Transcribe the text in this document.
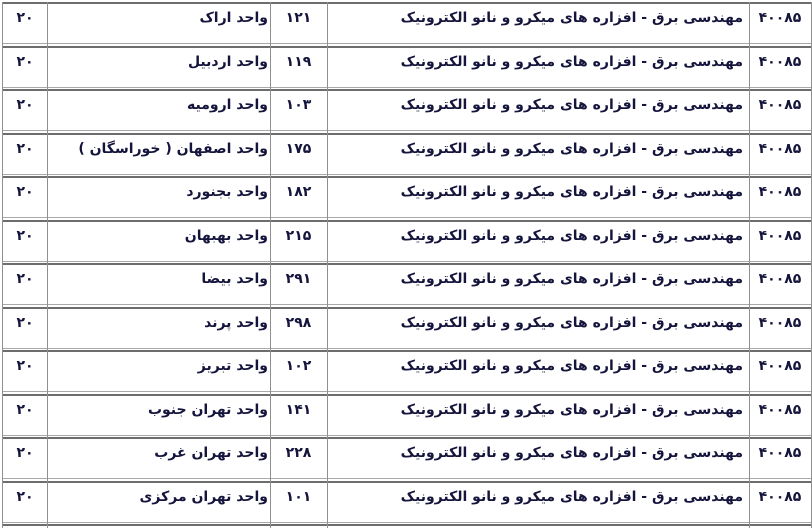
۴۰۰۸۵
مهندسی برق - افزاره های میکرو و نانو الکترونیک
۱۲۱
واحد اراک
۲۰
۴۰۰۸۵
مهندسی برق - افزاره های میکرو و نانو الکترونیک
۱۱۹
واحد اردبیل
۲۰
۴۰۰۸۵
مهندسی برق - افزاره های میکرو و نانو الکترونیک
۱۰۳
واحد ارومیه
۲۰
۴۰۰۸۵
مهندسی برق - افزاره های میکرو و نانو الکترونیک
۱۷۵
واحد اصفهان ( خوراسگان )
۲۰
۴۰۰۸۵
مهندسی برق - افزاره های میکرو و نانو الکترونیک
۱۸۲
واحد بجنورد
۲۰
۴۰۰۸۵
مهندسی برق - افزاره های میکرو و نانو الکترونیک
۲۱۵
واحد بهبهان
۲۰
۴۰۰۸۵
مهندسی برق - افزاره های میکرو و نانو الکترونیک
۲۹۱
واحد بیضا
۲۰
۴۰۰۸۵
مهندسی برق - افزاره های میکرو و نانو الکترونیک
۲۹۸
واحد پرند
۲۰
۴۰۰۸۵
مهندسی برق - افزاره های میکرو و نانو الکترونیک
۱۰۲
واحد تبریز
۲۰
۴۰۰۸۵
مهندسی برق - افزاره های میکرو و نانو الکترونیک
۱۴۱
واحد تهران جنوب
۲۰
۴۰۰۸۵
مهندسی برق - افزاره های میکرو و نانو الکترونیک
۲۲۸
واحد تهران غرب
۲۰
۴۰۰۸۵
مهندسی برق - افزاره های میکرو و نانو الکترونیک
۱۰۱
واحد تهران مرکزی
۲۰
